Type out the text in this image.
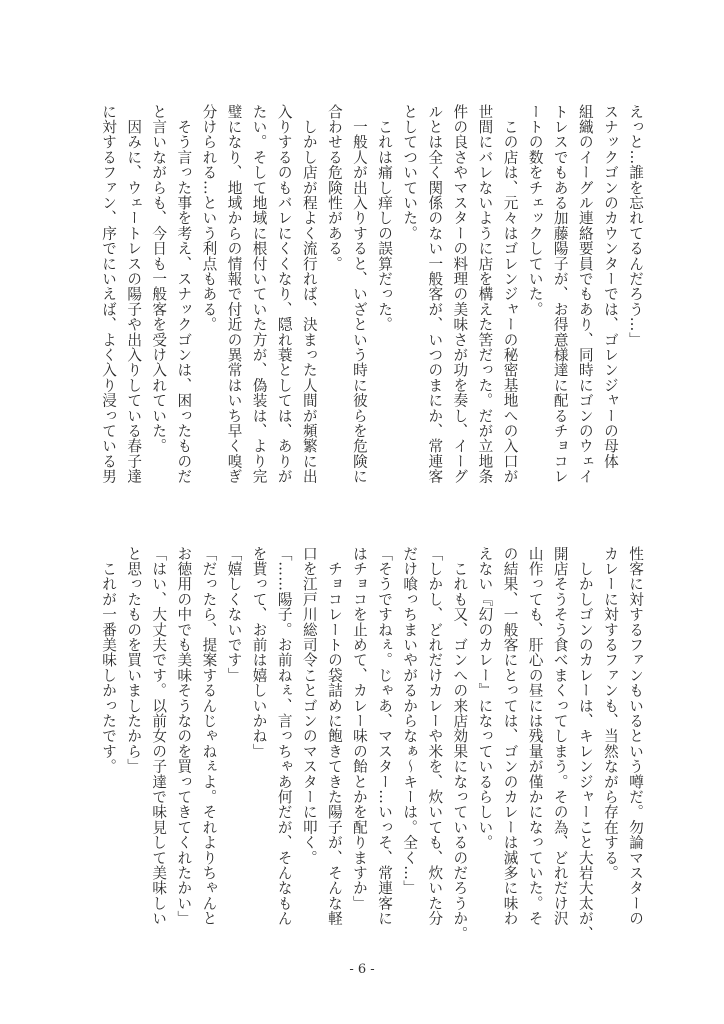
えっと…誰を忘れてるんだろう…」
スナックゴンのカウンターでは、ゴレンジャーの母体
組織のイーグル連絡要員でもあり、同時にゴンのウェイ
トレスでもある加藤陽子が、お得意様達に配るチョコレ
ートの数をチェックしていた。
　この店は、元々はゴレンジャーの秘密基地への入口が
世間にバレないように店を構えた筈だった。だが立地条
件の良さやマスターの料理の美味さが功を奏し、イーグ
ルとは全く関係のない一般客が、いつのまにか、常連客
としてついていた。
　これは痛し痒しの誤算だった。
　一般人が出入りすると、いざという時に彼らを危険に
合わせる危険性がある。
　しかし店が程よく流行れば、決まった人間が頻繁に出
入りするのもバレにくくなり、隠れ蓑としては、ありが
たい。そして地域に根付いていた方が、偽装は、より完
璧になり、地域からの情報で付近の異常はいち早く嗅ぎ
分けられる…という利点もある。
　そう言った事を考え、スナックゴンは、困ったものだ
と言いながらも、今日も一般客を受け入れていた。
　因みに、ウェートレスの陽子や出入りしている春子達
に対するファン、序でにいえば、よく入り浸っている男
性客に対するファンもいるという噂だ。勿論マスターの
カレーに対するファンも、当然ながら存在する。
　しかしゴンのカレーは、キレンジャーこと大岩大太が、
開店そうそう食べまくってしまう。その為、どれだけ沢
山作っても、肝心の昼には残量が僅かになっていた。そ
の結果、一般客にとっては、ゴンのカレーは滅多に味わ
えない『幻のカレー』になっているらしい。
　これも又、ゴンへの来店効果になっているのだろうか。
「しかし、どれだけカレーや米を、炊いても、炊いた分
だけ喰っちまいやがるからなぁ～キーは。全く…」
「そうですねぇ。じゃあ、マスター…いっそ、常連客に
はチョコを止めて、カレー味の飴とかを配りますか」
　チョコレートの袋詰めに飽きてきた陽子が、そんな軽
口を江戸川総司令ことゴンのマスターに叩く。
「……陽子。お前ねぇ、言っちゃあ何だが、そんなもん
を貰って、お前は嬉しいかね」
「嬉しくないです」
「だったら、提案するんじゃねぇよ。それよりちゃんと
お徳用の中でも美味そうなのを買ってきてくれたかい」
「はい、大丈夫です。以前女の子達で味見して美味しい
と思ったものを買いましたから」
　これが一番美味しかったです。
- 6 -
